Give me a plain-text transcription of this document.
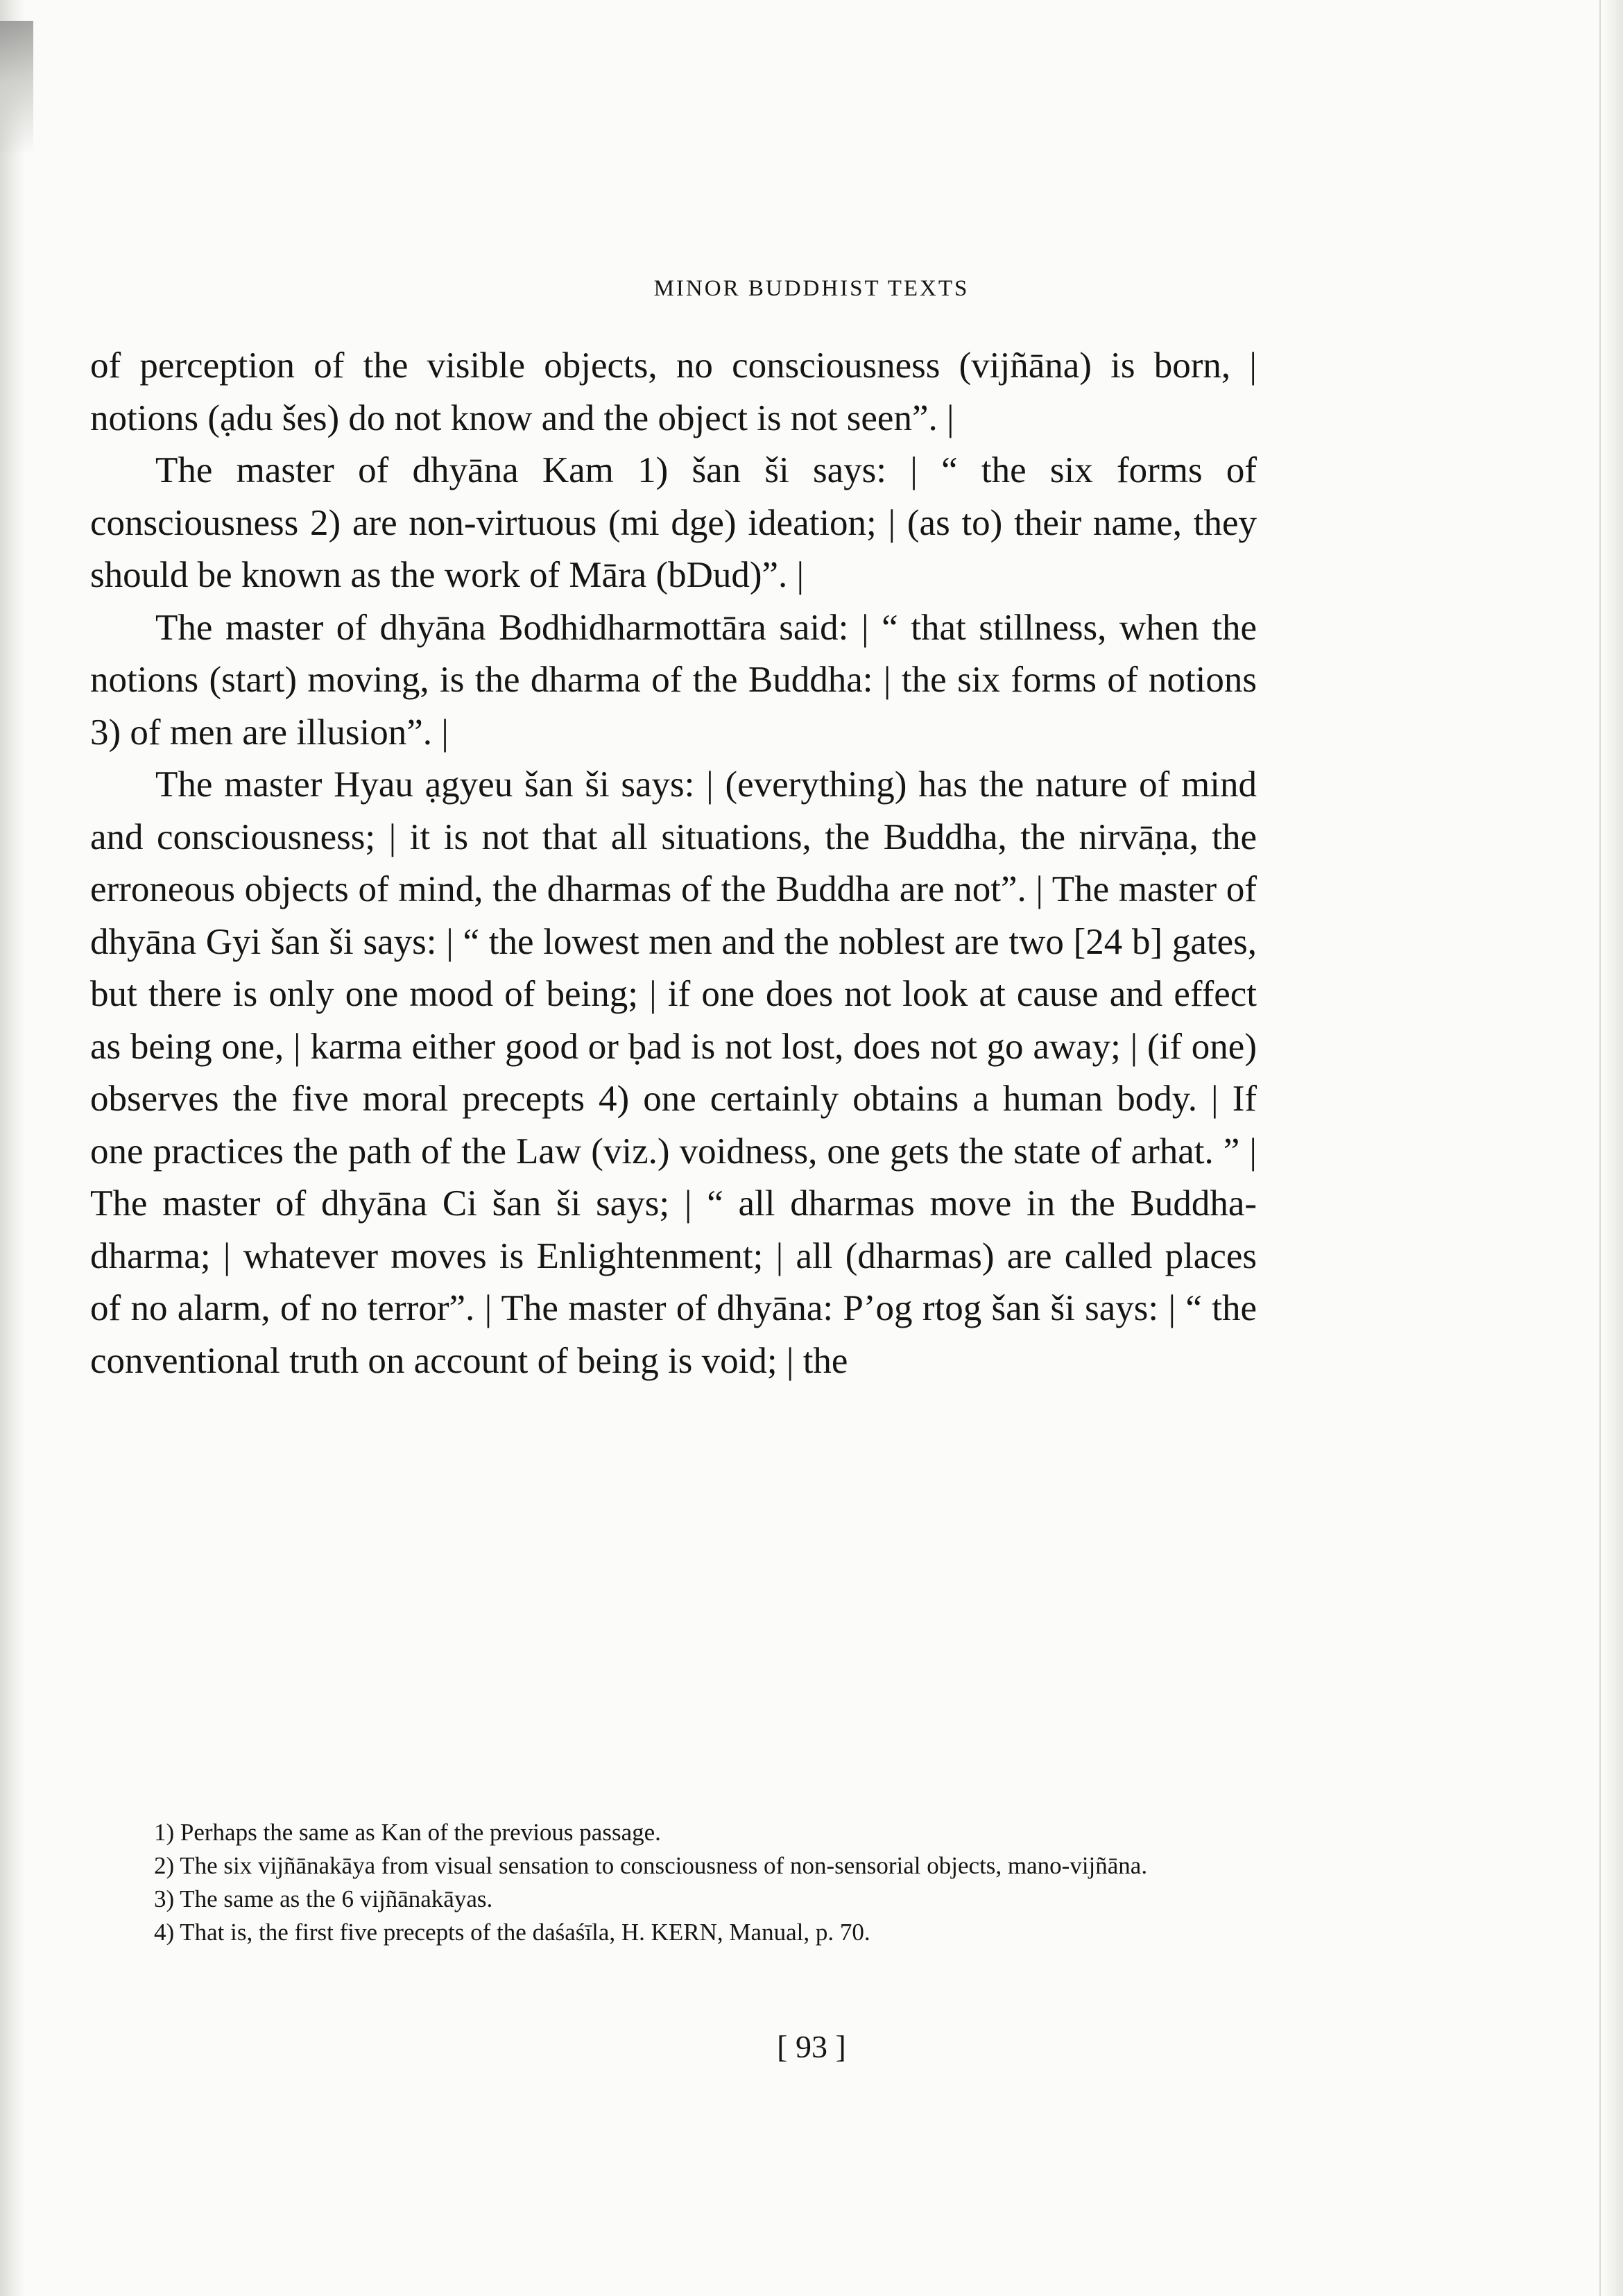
MINOR BUDDHIST TEXTS

of perception of the visible objects, no consciousness (vijñāna) is born, | notions (ạdu šes) do not know and the object is not seen”. |

The master of dhyāna Kam 1) šan ši says: | “ the six forms of consciousness 2) are non-virtuous (mi dge) ideation; | (as to) their name, they should be known as the work of Māra (bDud)”. |

The master of dhyāna Bodhidharmottāra said: | “ that stillness, when the notions (start) moving, is the dharma of the Buddha: | the six forms of notions 3) of men are illusion”. |

The master Hyau ạgyeu šan ši says: | (everything) has the nature of mind and consciousness; | it is not that all situations, the Buddha, the nirvāṇa, the erroneous objects of mind, the dharmas of the Buddha are not”. | The master of dhyāna Gyi šan ši says: | “ the lowest men and the noblest are two [24 b] gates, but there is only one mood of being; | if one does not look at cause and effect as being one, | karma either good or ḅad is not lost, does not go away; | (if one) observes the five moral precepts 4) one certainly obtains a human body. | If one practices the path of the Law (viz.) voidness, one gets the state of arhat. ” | The master of dhyāna Ci šan ši says; | “ all dharmas move in the Buddha-dharma; | whatever moves is Enlightenment; | all (dharmas) are called places of no alarm, of no terror”. | The master of dhyāna: P’og rtog šan ši says: | “ the conventional truth on account of being is void; | the

1) Perhaps the same as Kan of the previous passage.

2) The six vijñānakāya from visual sensation to consciousness of non-sensorial objects, mano-vijñāna.

3) The same as the 6 vijñānakāyas.

4) That is, the first five precepts of the daśaśīla, H. KERN, Manual, p. 70.

[ 93 ]
